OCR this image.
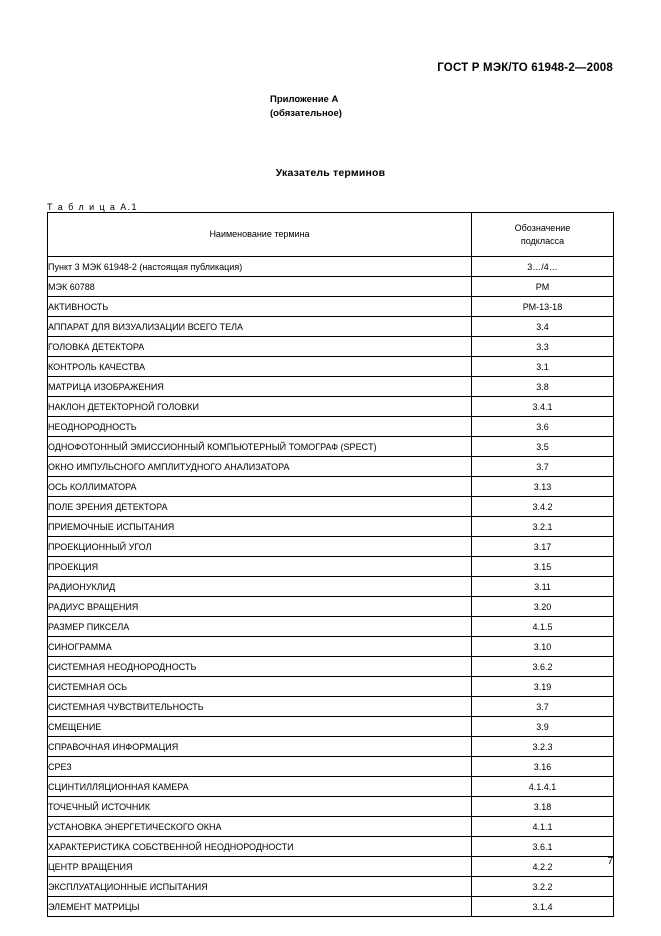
ГОСТ Р МЭК/ТО 61948-2—2008
Приложение А
(обязательное)
Указатель терминов
Т а б л и ц а А.1
Наименование термина	Обозначение
подкласса

Пункт 3 МЭК 61948-2 (настоящая публикация)	3…/4…
МЭК 60788	РМ
АКТИВНОСТЬ	РМ-13-18
АППАРАТ ДЛЯ ВИЗУАЛИЗАЦИИ ВСЕГО ТЕЛА	3.4
ГОЛОВКА ДЕТЕКТОРА	3.3
КОНТРОЛЬ КАЧЕСТВА	3.1
МАТРИЦА ИЗОБРАЖЕНИЯ	3.8
НАКЛОН ДЕТЕКТОРНОЙ ГОЛОВКИ	3.4.1
НЕОДНОРОДНОСТЬ	3.6
ОДНОФОТОННЫЙ ЭМИССИОННЫЙ КОМПЬЮТЕРНЫЙ ТОМОГРАФ (SPECT)	3.5
ОКНО ИМПУЛЬСНОГО АМПЛИТУДНОГО АНАЛИЗАТОРА	3.7
ОСЬ КОЛЛИМАТОРА	3.13
ПОЛЕ ЗРЕНИЯ ДЕТЕКТОРА	3.4.2
ПРИЕМОЧНЫЕ ИСПЫТАНИЯ	3.2.1
ПРОЕКЦИОННЫЙ УГОЛ	3.17
ПРОЕКЦИЯ	3.15
РАДИОНУКЛИД	3.11
РАДИУС ВРАЩЕНИЯ	3.20
РАЗМЕР ПИКСЕЛА	4.1.5
СИНОГРАММА	3.10
СИСТЕМНАЯ НЕОДНОРОДНОСТЬ	3.6.2
СИСТЕМНАЯ ОСЬ	3.19
СИСТЕМНАЯ ЧУВСТВИТЕЛЬНОСТЬ	3.7
СМЕЩЕНИЕ	3.9
СПРАВОЧНАЯ ИНФОРМАЦИЯ	3.2.3
СРЕЗ	3.16
СЦИНТИЛЛЯЦИОННАЯ КАМЕРА	4.1.4.1
ТОЧЕЧНЫЙ ИСТОЧНИК	3.18
УСТАНОВКА ЭНЕРГЕТИЧЕСКОГО ОКНА	4.1.1
ХАРАКТЕРИСТИКА СОБСТВЕННОЙ НЕОДНОРОДНОСТИ	3.6.1
ЦЕНТР ВРАЩЕНИЯ	4.2.2
ЭКСПЛУАТАЦИОННЫЕ ИСПЫТАНИЯ	3.2.2
ЭЛЕМЕНТ МАТРИЦЫ	3.1.4
7
